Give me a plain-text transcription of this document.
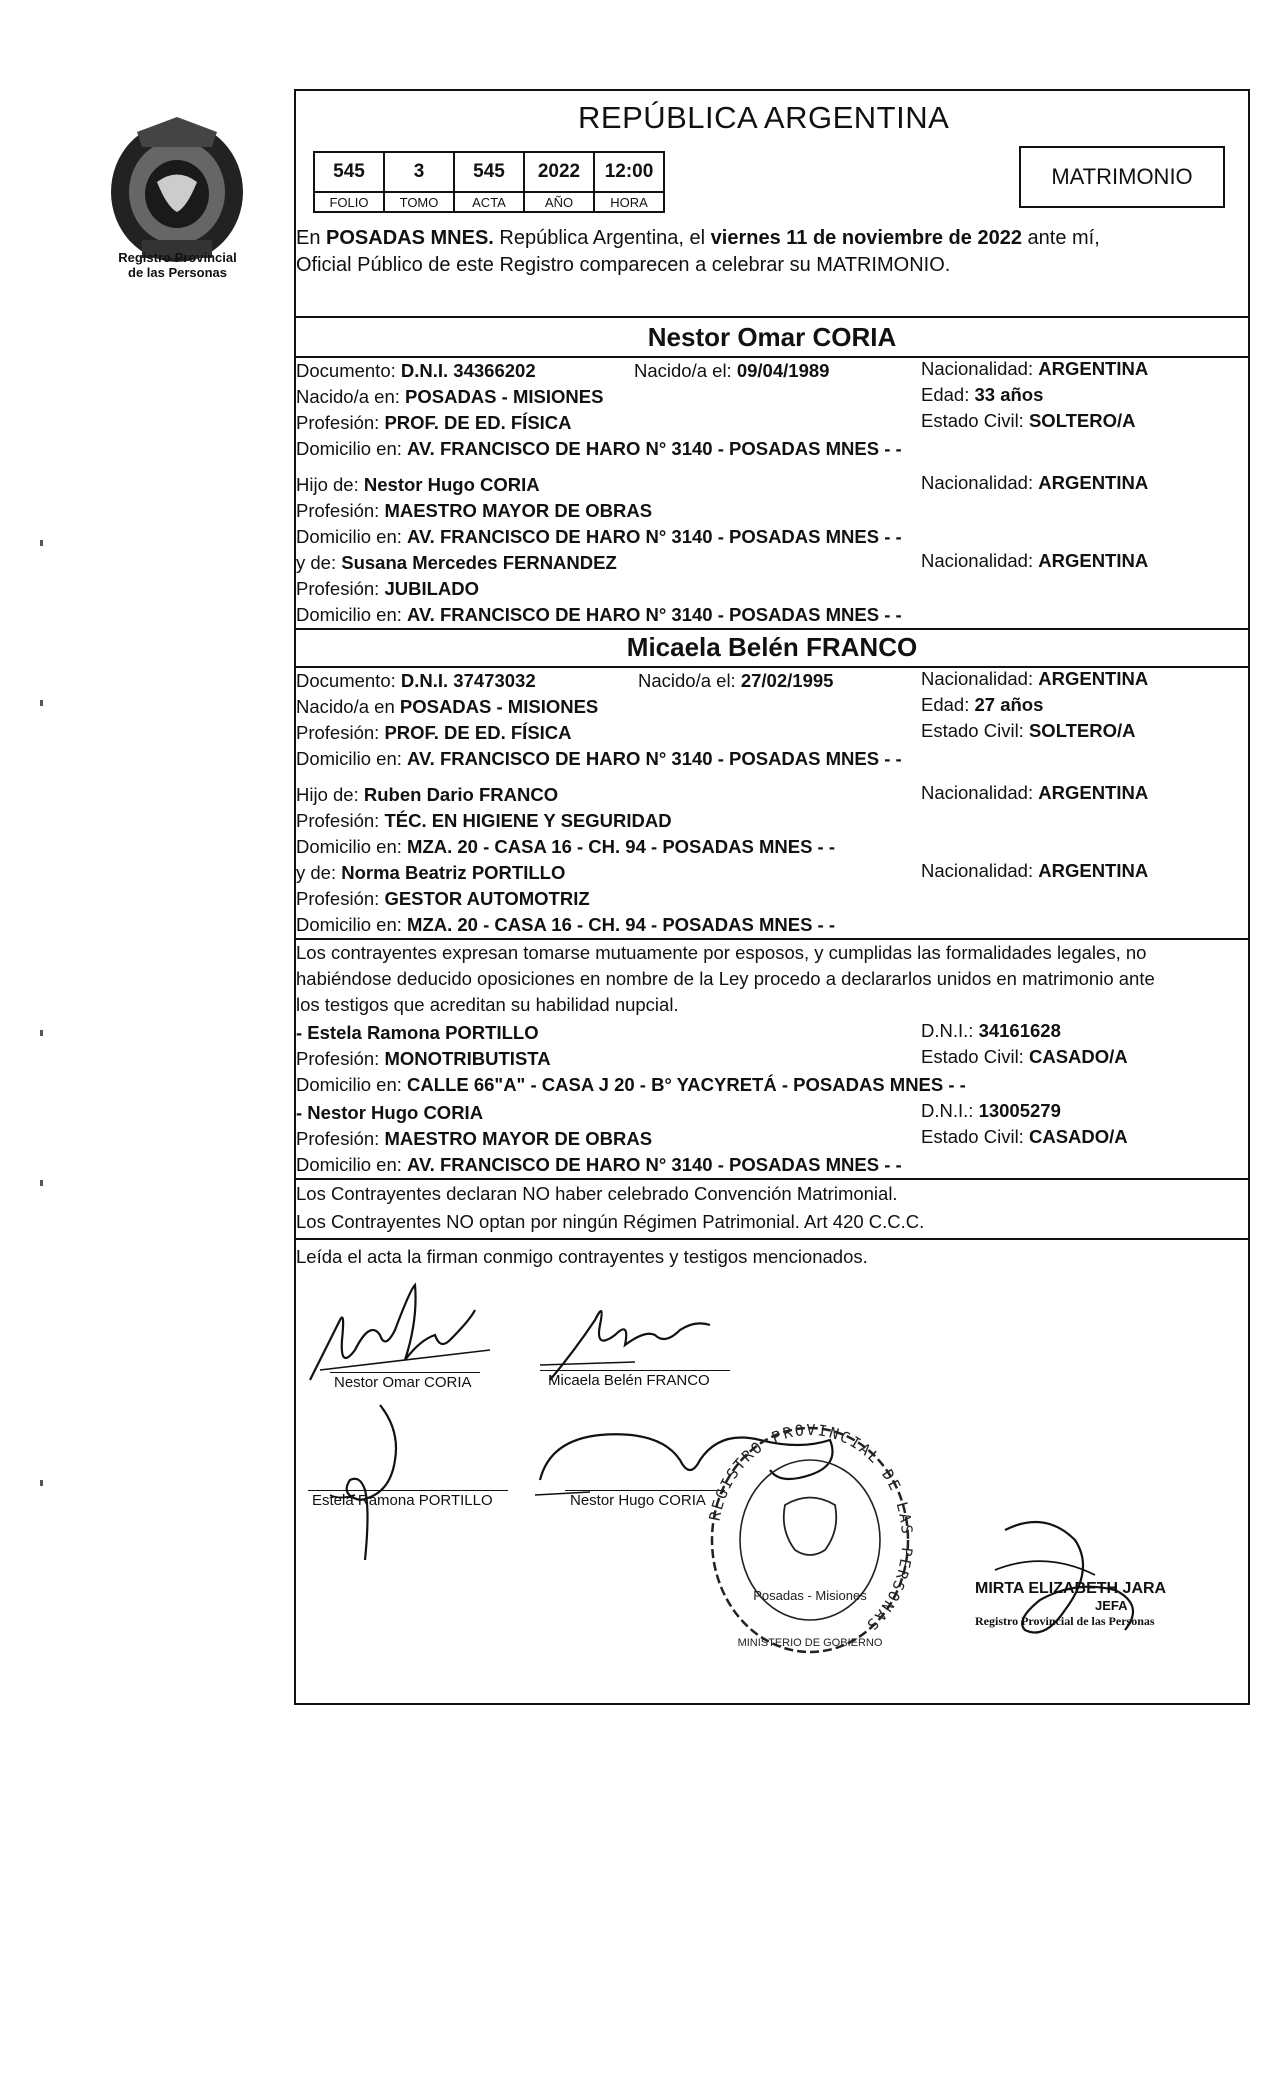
Registro Provincial
de las Personas
REPÚBLICA ARGENTINA
545	3	545	2022	12:00
FOLIO	TOMO	ACTA	AÑO	HORA
MATRIMONIO
En POSADAS MNES. República Argentina, el viernes 11 de noviembre de 2022 ante mí,
Oficial Público de este Registro comparecen a celebrar su MATRIMONIO.
Nestor Omar CORIA
Documento: D.N.I. 34366202	Nacido/a el: 09/04/1989	Nacionalidad: ARGENTINA
Nacido/a en: POSADAS - MISIONES	Edad: 33 años
Profesión: PROF. DE ED. FÍSICA	Estado Civil: SOLTERO/A
Domicilio en: AV. FRANCISCO DE HARO N° 3140 - POSADAS MNES - -
Hijo de: Nestor Hugo CORIA	Nacionalidad: ARGENTINA
Profesión: MAESTRO MAYOR DE OBRAS
Domicilio en: AV. FRANCISCO DE HARO N° 3140 - POSADAS MNES - -
y de: Susana Mercedes FERNANDEZ	Nacionalidad: ARGENTINA
Profesión: JUBILADO
Domicilio en: AV. FRANCISCO DE HARO N° 3140 - POSADAS MNES - -
Micaela Belén FRANCO
Documento: D.N.I. 37473032	Nacido/a el: 27/02/1995	Nacionalidad: ARGENTINA
Nacido/a en POSADAS - MISIONES	Edad: 27 años
Profesión: PROF. DE ED. FÍSICA	Estado Civil: SOLTERO/A
Domicilio en: AV. FRANCISCO DE HARO N° 3140 - POSADAS MNES - -
Hijo de: Ruben Dario FRANCO	Nacionalidad: ARGENTINA
Profesión: TÉC. EN HIGIENE Y SEGURIDAD
Domicilio en: MZA. 20 - CASA 16 - CH. 94 - POSADAS MNES - -
y de: Norma Beatriz PORTILLO	Nacionalidad: ARGENTINA
Profesión: GESTOR AUTOMOTRIZ
Domicilio en: MZA. 20 - CASA 16 - CH. 94 - POSADAS MNES - -
Los contrayentes expresan tomarse mutuamente por esposos, y cumplidas las formalidades legales, no
habiéndose deducido oposiciones en nombre de la Ley procedo a declararlos unidos en matrimonio ante
los testigos que acreditan su habilidad nupcial.
- Estela Ramona PORTILLO	D.N.I.: 34161628
Profesión: MONOTRIBUTISTA	Estado Civil: CASADO/A
Domicilio en: CALLE 66"A" - CASA J 20 - B° YACYRETÁ - POSADAS MNES - -
- Nestor Hugo CORIA	D.N.I.: 13005279
Profesión: MAESTRO MAYOR DE OBRAS	Estado Civil: CASADO/A
Domicilio en: AV. FRANCISCO DE HARO N° 3140 - POSADAS MNES - -
Los Contrayentes declaran NO haber celebrado Convención Matrimonial.
Los Contrayentes NO optan por ningún Régimen Patrimonial. Art 420 C.C.C.
Leída el acta la firman conmigo contrayentes y testigos mencionados.
Nestor Omar CORIA	Micaela Belén FRANCO
Estela Ramona PORTILLO	Nestor Hugo CORIA
REGISTRO PROVINCIAL DE LAS PERSONAS
Posadas - Misiones
MINISTERIO DE GOBIERNO
MIRTA ELIZABETH JARA
JEFA
Registro Provincial de las Personas
